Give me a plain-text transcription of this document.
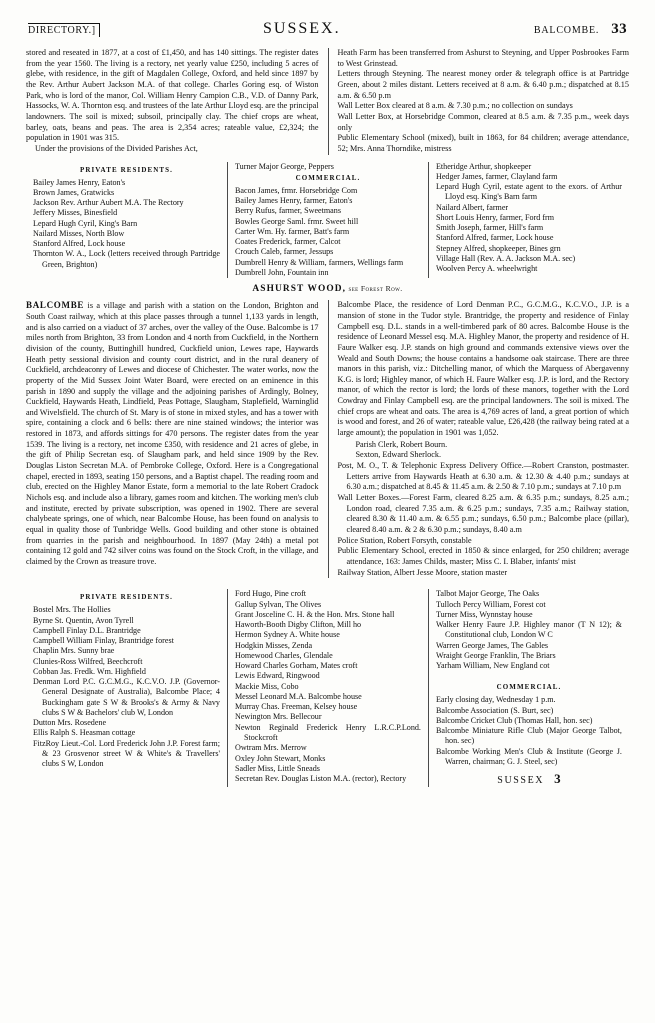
DIRECTORY.]	SUSSEX.	BALCOMBE. 33

stored and reseated in 1877, at a cost of £1,450, and has 140 sittings. The register dates from the year 1560. The living is a rectory, net yearly value £250, including 5 acres of glebe, with residence, in the gift of Magdalen College, Oxford, and held since 1897 by the Rev. Arthur Aubert Jackson M.A. of that college. Charles Goring esq. of Wiston Park, who is lord of the manor, Col. William Henry Campion C.B., V.D. of Danny Park, Hassocks, W. A. Thornton esq. and trustees of the late Arthur Lloyd esq. are the principal landowners. The soil is mixed; subsoil, principally clay. The chief crops are wheat, barley, oats, beans and peas. The area is 2,354 acres; rateable value, £2,324; the population in 1901 was 315.

Under the provisions of the Divided Parishes Act,

Heath Farm has been transferred from Ashurst to Steyning, and Upper Posbrookes Farm to West Grinstead.

Letters through Steyning. The nearest money order & telegraph office is at Partridge Green, about 2 miles distant. Letters received at 8 a.m. & 6.40 p.m.; dispatched at 8.15 a.m. & 6.50 p.m

Wall Letter Box cleared at 8 a.m. & 7.30 p.m.; no collection on sundays

Wall Letter Box, at Horsebridge Common, cleared at 8.5 a.m. & 7.35 p.m., week days only

Public Elementary School (mixed), built in 1863, for 84 children; average attendance, 52; Mrs. Anna Thorndike, mistress

PRIVATE RESIDENTS.
Bailey James Henry, Eaton's
Brown James, Gratwicks
Jackson Rev. Arthur Aubert M.A. The Rectory
Jeffery Misses, Binesfield
Lepard Hugh Cyril, King's Barn
Nailard Misses, North Blow
Stanford Alfred, Lock house
Thornton W. A., Lock (letters received through Partridge Green, Brighton)
Turner Major George, Peppers
COMMERCIAL.
Bacon James, frmr. Horsebridge Com
Bailey James Henry, farmer, Eaton's
Berry Rufus, farmer, Sweetmans
Bowles George Saml. frmr. Sweet hill
Carter Wm. Hy. farmer, Batt's farm
Coates Frederick, farmer, Calcot
Crouch Caleb, farmer, Jessups
Dumbrell Henry & William, farmers, Wellings farm
Dumbrell John, Fountain inn
Etheridge Arthur, shopkeeper
Hedger James, farmer, Clayland farm
Lepard Hugh Cyril, estate agent to the exors. of Arthur Lloyd esq. King's Barn farm
Nailard Albert, farmer
Short Louis Henry, farmer, Ford frm
Smith Joseph, farmer, Hill's farm
Stanford Alfred, farmer, Lock house
Stepney Alfred, shopkeeper, Bines grn
Village Hall (Rev. A. A. Jackson M.A. sec)
Woolven Percy A. wheelwright
ASHURST WOOD, see Forest Row.

BALCOMBE is a village and parish with a station on the London, Brighton and South Coast railway, which at this place passes through a tunnel 1,133 yards in length, and is also carried on a viaduct of 37 arches, over the valley of the Ouse. Balcombe is 17 miles north from Brighton, 33 from London and 4 north from Cuckfield, in the Northern division of the county, Buttinghill hundred, Cuckfield union, Lewes rape, Haywards Heath petty sessional division and county court district, and in the rural deanery of Cuckfield, archdeaconry of Lewes and diocese of Chichester. The water works, now the property of the Mid Sussex Joint Water Board, were erected on an eminence in this parish in 1890 and supply the village and the adjoining parishes of Ardingly, Bolney, Cuckfield, Haywards Heath, Lindfield, Peas Pottage, Slaugham, Staplefield, Warninglid and Wivelsfield. The church of St. Mary is of stone in mixed styles, and has a tower with spire, containing a clock and 6 bells: there are nine stained windows; the interior was restored in 1873, and affords sittings for 470 persons. The register dates from the year 1539. The living is a rectory, net income £350, with residence and 21 acres of glebe, in the gift of Philip Secretan esq. of Slaugham park, and held since 1909 by the Rev. Douglas Liston Secretan M.A. of Pembroke College, Oxford. Here is a Congregational chapel, erected in 1893, seating 150 persons, and a Baptist chapel. The reading room and club, erected on the Highley Manor Estate, form a memorial to the late Robert Cradock Nichols esq. and include also a library, games room and kitchen. The working men's club and institute, erected by private subscription, was opened in 1902. There are several chalybeate springs, one of which, near Balcombe House, has been found on analysis to equal in quality those of Tunbridge Wells. Good building and other stone is obtained from quarries in the parish and neighbourhood. In 1897 (May 24th) a metal pot containing 12 gold and 742 silver coins was found on the Stock Croft, in the village, and claimed by the Crown as treasure trove.

Balcombe Place, the residence of Lord Denman P.C., G.C.M.G., K.C.V.O., J.P. is a mansion of stone in the Tudor style. Brantridge, the property and residence of Finlay Campbell esq. D.L. stands in a well-timbered park of 80 acres. Balcombe House is the residence of Leonard Messel esq. M.A. Highley Manor, the property and residence of H. Faure Walker esq. J.P. stands on high ground and commands extensive views over the Weald and South Downs; the house contains a handsome oak staircase. There are three manors in this parish, viz.: Ditchelling manor, of which the Marquess of Abergavenny K.G. is lord; Highley manor, of which H. Faure Walker esq. J.P. is lord, and the Rectory manor, of which the rector is lord; the lords of these manors, together with the Lord Cowdray and Finlay Campbell esq. are the principal landowners. The soil is mixed. The chief crops are wheat and oats. The area is 4,769 acres of land, a great portion of which is wood and forest, and 26 of water; rateable value, £26,428 (the railway being rated at a large amount); the population in 1901 was 1,052.

Parish Clerk, Robert Bourn.
Sexton, Edward Sherlock.
Post, M. O., T. & Telephonic Express Delivery Office.—Robert Cranston, postmaster. Letters arrive from Haywards Heath at 6.30 a.m. & 12.30 & 4.40 p.m.; sundays at 6.30 a.m.; dispatched at 8.45 & 11.45 a.m. & 2.50 & 7.10 p.m.; sundays at 7.10 p.m
Wall Letter Boxes.—Forest Farm, cleared 8.25 a.m. & 6.35 p.m.; sundays, 8.25 a.m.; London road, cleared 7.35 a.m. & 6.25 p.m.; sundays, 7.35 a.m.; Railway station, cleared 8.30 & 11.40 a.m. & 6.55 p.m.; sundays, 6.50 p.m.; Balcombe place (pillar), cleared 8.40 a.m. & 2 & 6.30 p.m.; sundays, 8.40 a.m
Police Station, Robert Forsyth, constable
Public Elementary School, erected in 1850 & since enlarged, for 250 children; average attendance, 163: James Childs, master; Miss C. I. Blaber, infants' mist
Railway Station, Albert Jesse Moore, station master
PRIVATE RESIDENTS.
Bostel Mrs. The Hollies
Byrne St. Quentin, Avon Tyrell
Campbell Finlay D.L. Brantridge
Campbell William Finlay, Brantridge forest
Chaplin Mrs. Sunny brae
Clunies-Ross Wilfred, Beechcroft
Cobban Jas. Fredk. Wm. Highfield
Denman Lord P.C. G.C.M.G., K.C.V.O. J.P. (Governor-General Designate of Australia), Balcombe Place; 4 Buckingham gate S W & Brooks's & Army & Navy clubs S W & Bachelors' club W, London
Dutton Mrs. Rosedene
Ellis Ralph S. Heasman cottage
FitzRoy Lieut.-Col. Lord Frederick John J.P. Forest farm; & 23 Grosvenor street W & White's & Travellers' clubs S W, London
Ford Hugo, Pine croft
Gallup Sylvan, The Olives
Grant Josceline C. H. & the Hon. Mrs. Stone hall
Haworth-Booth Digby Clifton, Mill ho
Hermon Sydney A. White house
Hodgkin Misses, Zenda
Homewood Charles, Glendale
Howard Charles Gorham, Mates croft
Lewis Edward, Ringwood
Mackie Miss, Cobo
Messel Leonard M.A. Balcombe house
Murray Chas. Freeman, Kelsey house
Newington Mrs. Bellecour
Newton Reginald Frederick Henry L.R.C.P.Lond. Stockcroft
Owtram Mrs. Merrow
Oxley John Stewart, Monks
Sadler Miss, Little Sneads
Secretan Rev. Douglas Liston M.A. (rector), Rectory
Talbot Major George, The Oaks
Tulloch Percy William, Forest cot
Turner Miss, Wynnstay house
Walker Henry Faure J.P. Highley manor (T N 12); & Constitutional club, London W C
Warren George James, The Gables
Wraight George Franklin, The Briars
Yarham William, New England cot
COMMERCIAL.
Early closing day, Wednesday 1 p.m.
Balcombe Association (S. Burt, sec)
Balcombe Cricket Club (Thomas Hall, hon. sec)
Balcombe Miniature Rifle Club (Major George Talbot, hon. sec)
Balcombe Working Men's Club & Institute (George J. Warren, chairman; G. J. Steel, sec)
SUSSEX 3
